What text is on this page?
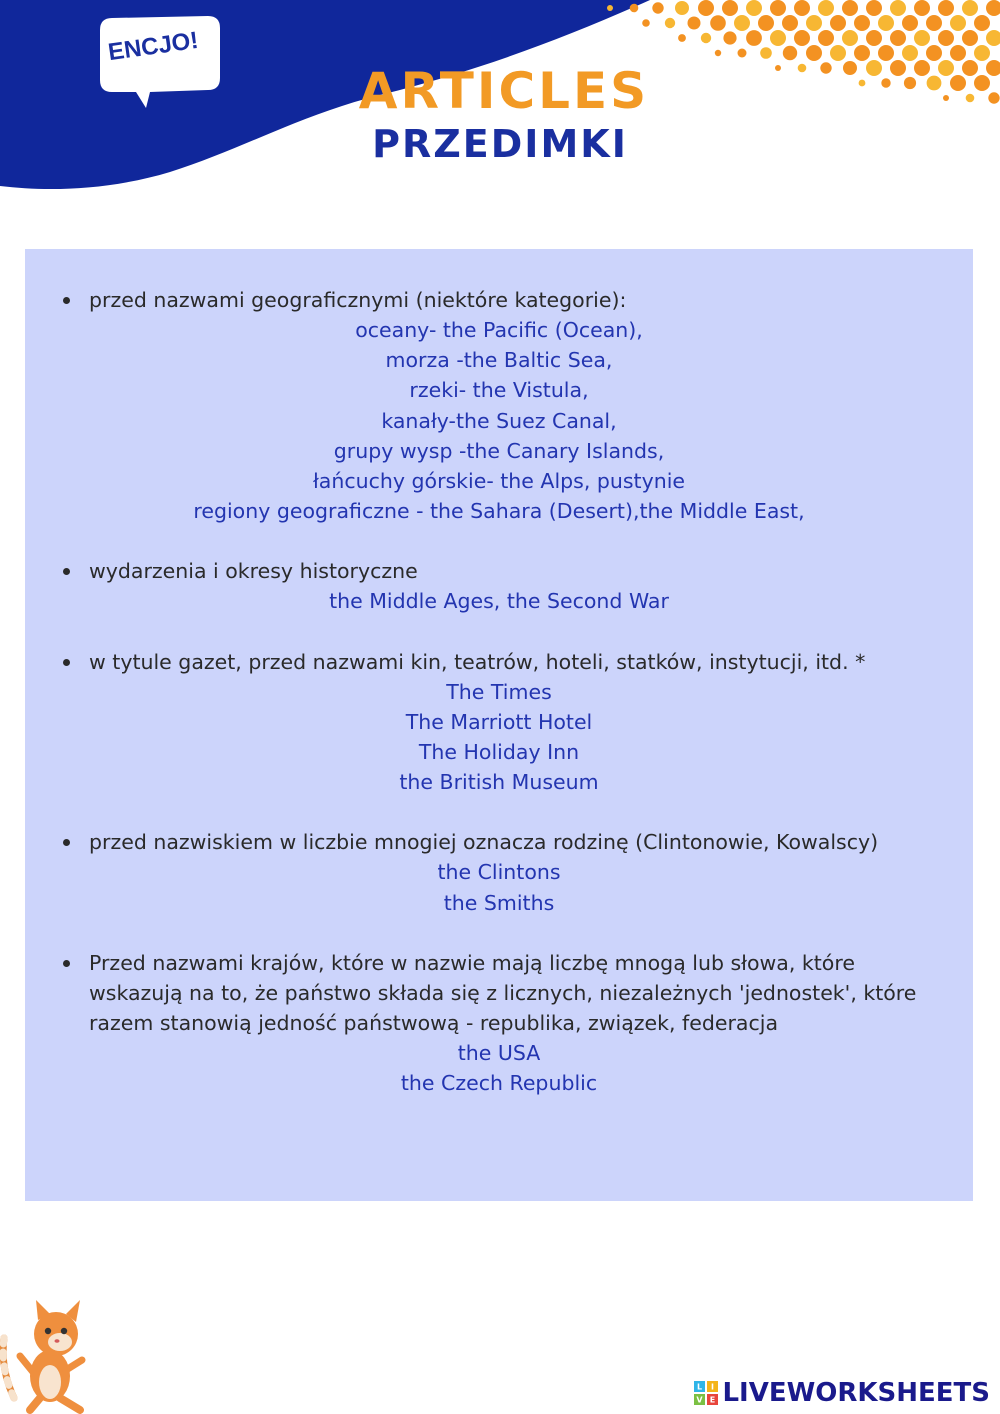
ENCJO!
ARTICLES
PRZEDIMKI
przed nazwami geograficznymi (niektóre kategorie):
oceany- the Pacific (Ocean),
morza -the Baltic Sea,
rzeki- the Vistula,
kanały-the Suez Canal,
grupy wysp -the Canary Islands,
łańcuchy górskie- the Alps, pustynie
regiony geograficzne - the Sahara (Desert),the Middle East,
wydarzenia i okresy historyczne
the Middle Ages, the Second War
w tytule gazet, przed nazwami kin, teatrów, hoteli, statków, instytucji, itd. *
The Times
The Marriott Hotel
The Holiday Inn
the British Museum
przed nazwiskiem w liczbie mnogiej oznacza rodzinę (Clintonowie, Kowalscy)
the Clintons
the Smiths
Przed nazwami krajów, które w nazwie mają liczbę mnogą lub słowa, które wskazują na to, że państwo składa się z licznych, niezależnych 'jednostek', które razem stanowią jedność państwową - republika, związek, federacja
the USA
the Czech Republic
L I
V E LIVEWORKSHEETS
